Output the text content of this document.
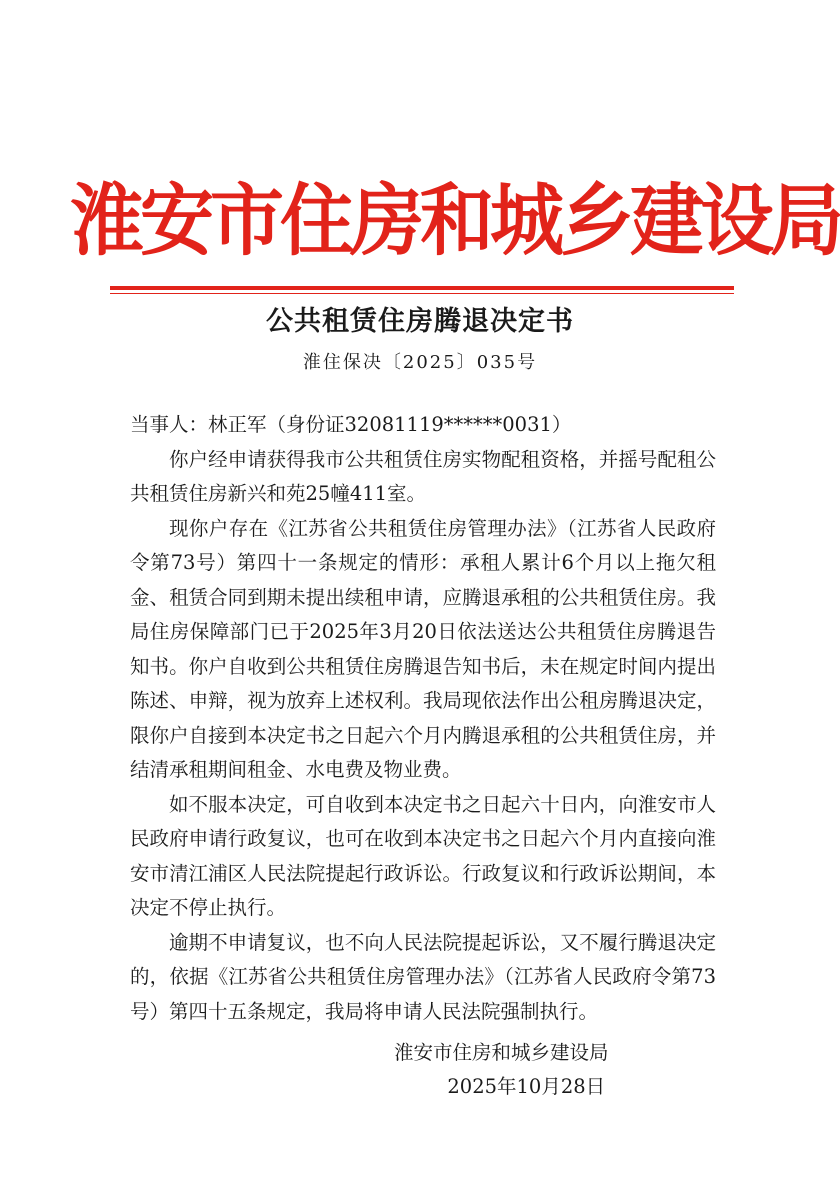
淮安市住房和城乡建设局
公共租赁住房腾退决定书
淮住保决〔2025〕035号

当事人：林正军（身份证32081119******0031）

你户经申请获得我市公共租赁住房实物配租资格，并摇号配租公共租赁住房新兴和苑25幢411室。

现你户存在《江苏省公共租赁住房管理办法》（江苏省人民政府令第73号）第四十一条规定的情形：承租人累计6个月以上拖欠租金、租赁合同到期未提出续租申请，应腾退承租的公共租赁住房。我局住房保障部门已于2025年3月20日依法送达公共租赁住房腾退告知书。你户自收到公共租赁住房腾退告知书后，未在规定时间内提出陈述、申辩，视为放弃上述权利。我局现依法作出公租房腾退决定，限你户自接到本决定书之日起六个月内腾退承租的公共租赁住房，并结清承租期间租金、水电费及物业费。

如不服本决定，可自收到本决定书之日起六十日内，向淮安市人民政府申请行政复议，也可在收到本决定书之日起六个月内直接向淮安市清江浦区人民法院提起行政诉讼。行政复议和行政诉讼期间，本决定不停止执行。

逾期不申请复议，也不向人民法院提起诉讼，又不履行腾退决定的，依据《江苏省公共租赁住房管理办法》（江苏省人民政府令第73号）第四十五条规定，我局将申请人民法院强制执行。

淮安市住房和城乡建设局
2025年10月28日
